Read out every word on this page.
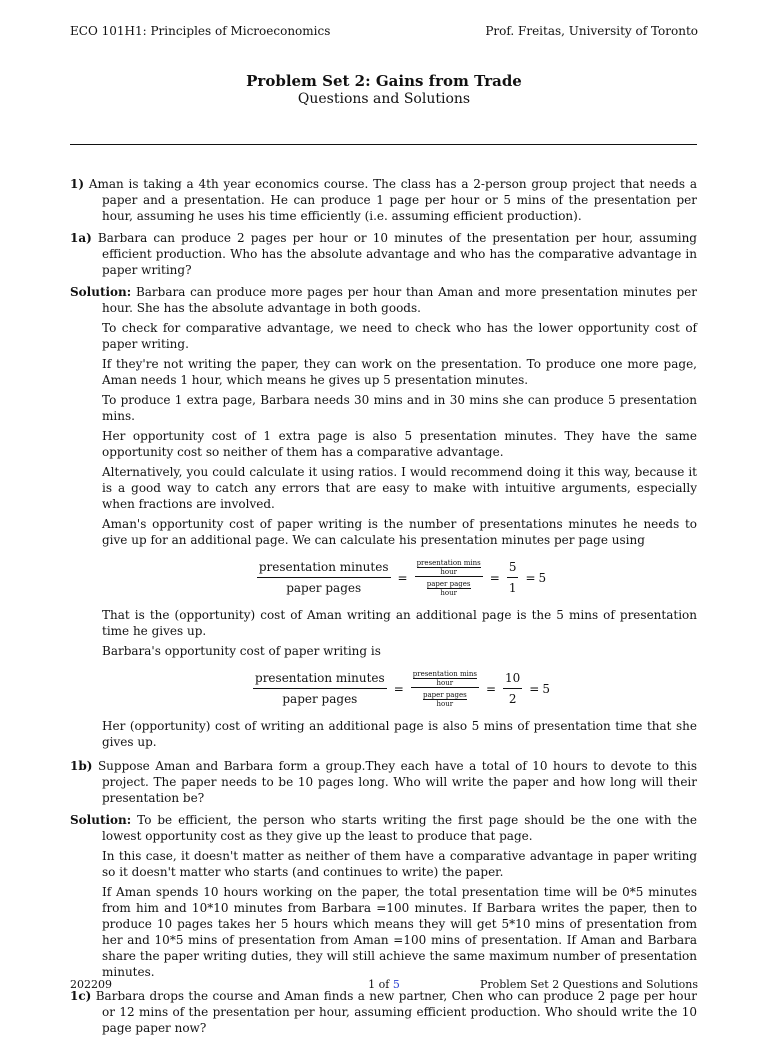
ECO 101H1: Principles of Microeconomics	Prof. Freitas, University of Toronto
Problem Set 2: Gains from Trade
Questions and Solutions
1) Aman is taking a 4th year economics course. The class has a 2-person group project that needs a paper and a presentation. He can produce 1 page per hour or 5 mins of the presentation per hour, assuming he uses his time efficiently (i.e. assuming efficient production).
1a) Barbara can produce 2 pages per hour or 10 minutes of the presentation per hour, assuming efficient production. Who has the absolute advantage and who has the comparative advantage in paper writing?
Solution: Barbara can produce more pages per hour than Aman and more presentation minutes per hour. She has the absolute advantage in both goods.
To check for comparative advantage, we need to check who has the lower opportunity cost of paper writing.
If they're not writing the paper, they can work on the presentation. To produce one more page, Aman needs 1 hour, which means he gives up 5 presentation minutes.
To produce 1 extra page, Barbara needs 30 mins and in 30 mins she can produce 5 presentation mins.
Her opportunity cost of 1 extra page is also 5 presentation minutes. They have the same opportunity cost so neither of them has a comparative advantage.
Alternatively, you could calculate it using ratios. I would recommend doing it this way, because it is a good way to catch any errors that are easy to make with intuitive arguments, especially when fractions are involved.
Aman's opportunity cost of paper writing is the number of presentations minutes he needs to give up for an additional page. We can calculate his presentation minutes per page using
$\frac{\text{presentation minutes}}{\text{paper pages}}$ = presentation mins
hour
paper pages
hour = $\frac{5}{1} = 5$
That is the (opportunity) cost of Aman writing an additional page is the 5 mins of presentation time he gives up.
Barbara's opportunity cost of paper writing is
$\frac{\text{presentation minutes}}{\text{paper pages}}$ = presentation mins
hour
paper pages
hour = $\frac{10}{2} = 5$
Her (opportunity) cost of writing an additional page is also 5 mins of presentation time that she gives up.
1b) Suppose Aman and Barbara form a group.They each have a total of 10 hours to devote to this project. The paper needs to be 10 pages long. Who will write the paper and how long will their presentation be?
Solution: To be efficient, the person who starts writing the first page should be the one with the lowest opportunity cost as they give up the least to produce that page.
In this case, it doesn't matter as neither of them have a comparative advantage in paper writing so it doesn't matter who starts (and continues to write) the paper.
If Aman spends 10 hours working on the paper, the total presentation time will be 0*5 minutes from him and 10*10 minutes from Barbara =100 minutes. If Barbara writes the paper, then to produce 10 pages takes her 5 hours which means they will get 5*10 mins of presentation from her and 10*5 mins of presentation from Aman =100 mins of presentation. If Aman and Barbara share the paper writing duties, they will still achieve the same maximum number of presentation minutes.
1c) Barbara drops the course and Aman finds a new partner, Chen who can produce 2 page per hour or 12 mins of the presentation per hour, assuming efficient production. Who should write the 10 page paper now?
202209	1 of 5	Problem Set 2 Questions and Solutions
